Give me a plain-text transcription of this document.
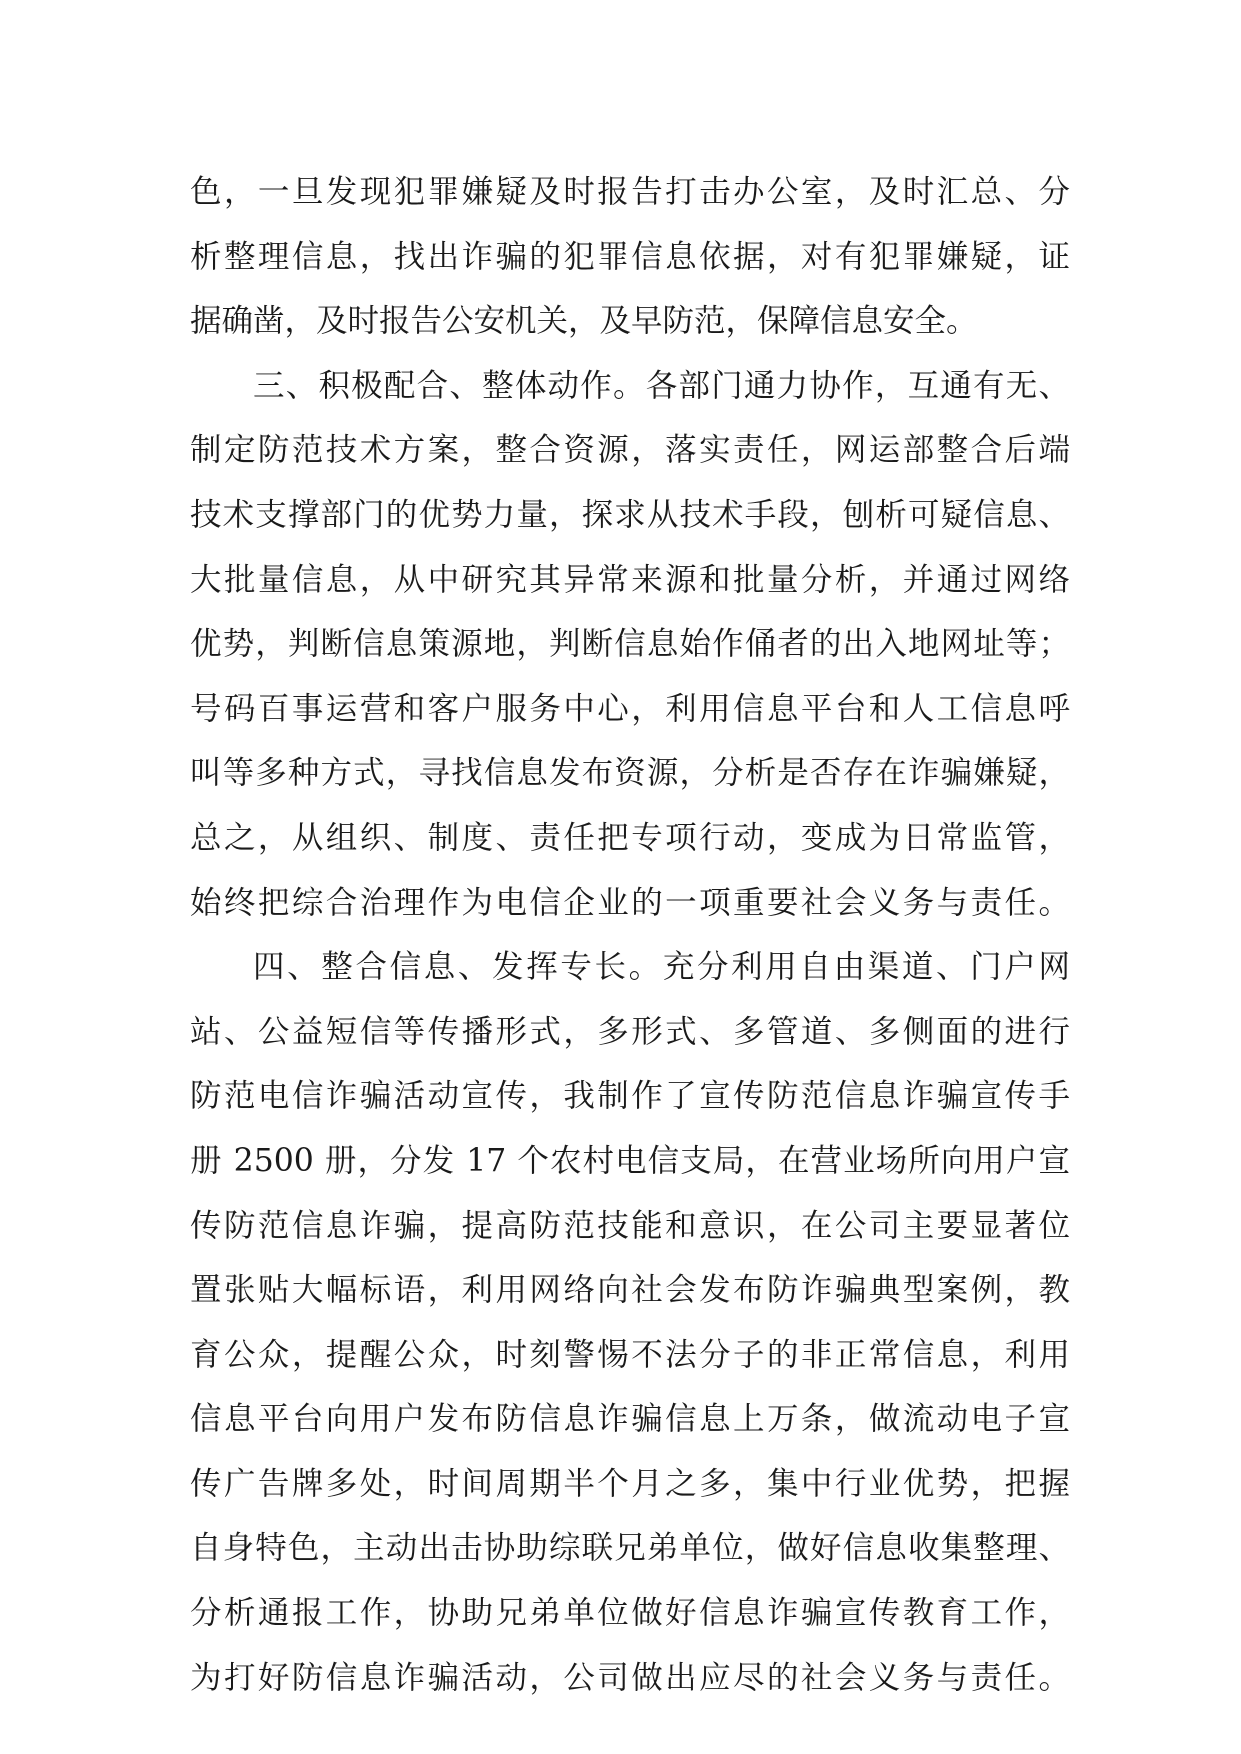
色，一旦发现犯罪嫌疑及时报告打击办公室，及时汇总、分
析整理信息，找出诈骗的犯罪信息依据，对有犯罪嫌疑，证
据确凿，及时报告公安机关，及早防范，保障信息安全。
三、积极配合、整体动作。各部门通力协作，互通有无、
制定防范技术方案，整合资源，落实责任，网运部整合后端
技术支撑部门的优势力量，探求从技术手段，刨析可疑信息、
大批量信息，从中研究其异常来源和批量分析，并通过网络
优势，判断信息策源地，判断信息始作俑者的出入地网址等；
号码百事运营和客户服务中心，利用信息平台和人工信息呼
叫等多种方式，寻找信息发布资源，分析是否存在诈骗嫌疑，
总之，从组织、制度、责任把专项行动，变成为日常监管，
始终把综合治理作为电信企业的一项重要社会义务与责任。
四、整合信息、发挥专长。充分利用自由渠道、门户网
站、公益短信等传播形式，多形式、多管道、多侧面的进行
防范电信诈骗活动宣传，我制作了宣传防范信息诈骗宣传手
册 2500 册，分发 17 个农村电信支局，在营业场所向用户宣
传防范信息诈骗，提高防范技能和意识，在公司主要显著位
置张贴大幅标语，利用网络向社会发布防诈骗典型案例，教
育公众，提醒公众，时刻警惕不法分子的非正常信息，利用
信息平台向用户发布防信息诈骗信息上万条，做流动电子宣
传广告牌多处，时间周期半个月之多，集中行业优势，把握
自身特色，主动出击协助综联兄弟单位，做好信息收集整理、
分析通报工作，协助兄弟单位做好信息诈骗宣传教育工作，
为打好防信息诈骗活动，公司做出应尽的社会义务与责任。
